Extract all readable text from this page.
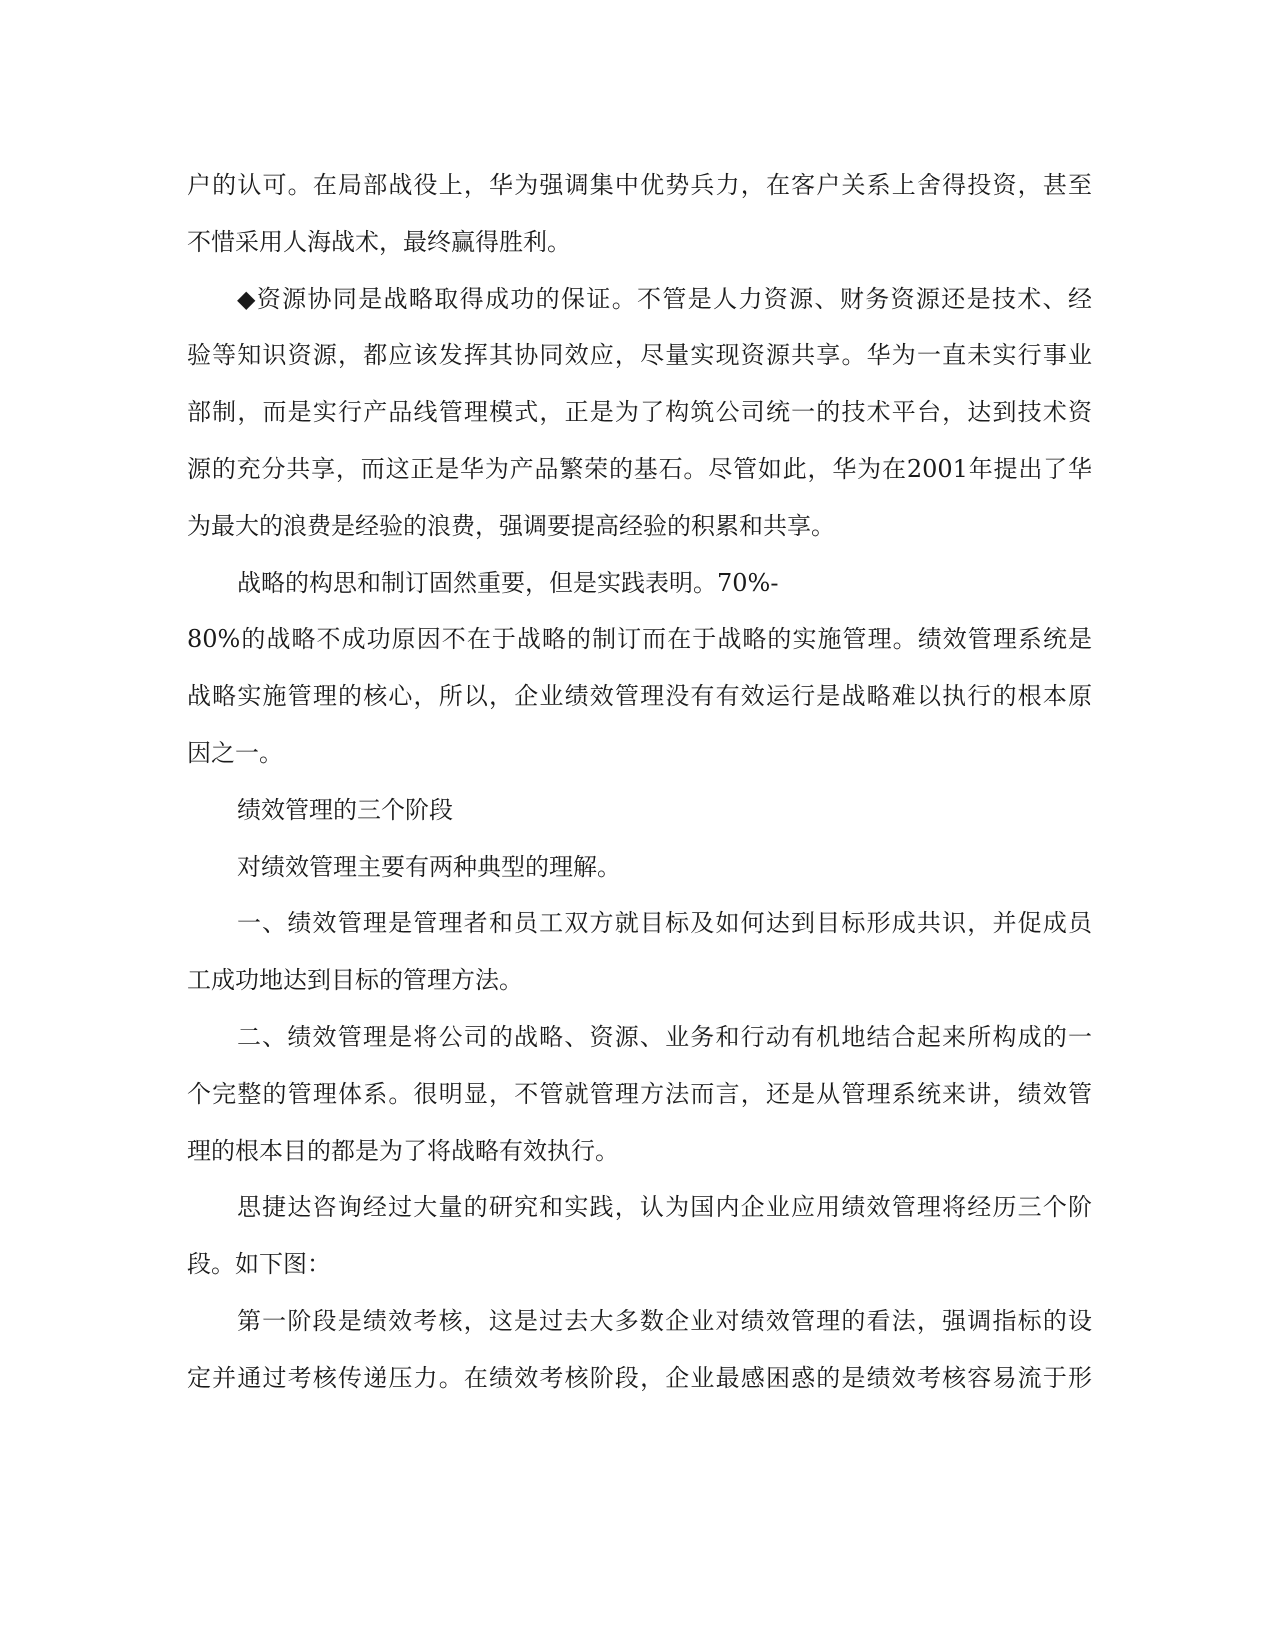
户的认可。在局部战役上，华为强调集中优势兵力，在客户关系上舍得投资，甚至
不惜采用人海战术，最终赢得胜利。
◆资源协同是战略取得成功的保证。不管是人力资源、财务资源还是技术、经
验等知识资源，都应该发挥其协同效应，尽量实现资源共享。华为一直未实行事业
部制，而是实行产品线管理模式，正是为了构筑公司统一的技术平台，达到技术资
源的充分共享，而这正是华为产品繁荣的基石。尽管如此，华为在2001年提出了华
为最大的浪费是经验的浪费，强调要提高经验的积累和共享。
战略的构思和制订固然重要，但是实践表明。70%-
80%的战略不成功原因不在于战略的制订而在于战略的实施管理。绩效管理系统是
战略实施管理的核心，所以，企业绩效管理没有有效运行是战略难以执行的根本原
因之一。
绩效管理的三个阶段
对绩效管理主要有两种典型的理解。
一、绩效管理是管理者和员工双方就目标及如何达到目标形成共识，并促成员
工成功地达到目标的管理方法。
二、绩效管理是将公司的战略、资源、业务和行动有机地结合起来所构成的一
个完整的管理体系。很明显，不管就管理方法而言，还是从管理系统来讲，绩效管
理的根本目的都是为了将战略有效执行。
思捷达咨询经过大量的研究和实践，认为国内企业应用绩效管理将经历三个阶
段。如下图：
第一阶段是绩效考核，这是过去大多数企业对绩效管理的看法，强调指标的设
定并通过考核传递压力。在绩效考核阶段，企业最感困惑的是绩效考核容易流于形
